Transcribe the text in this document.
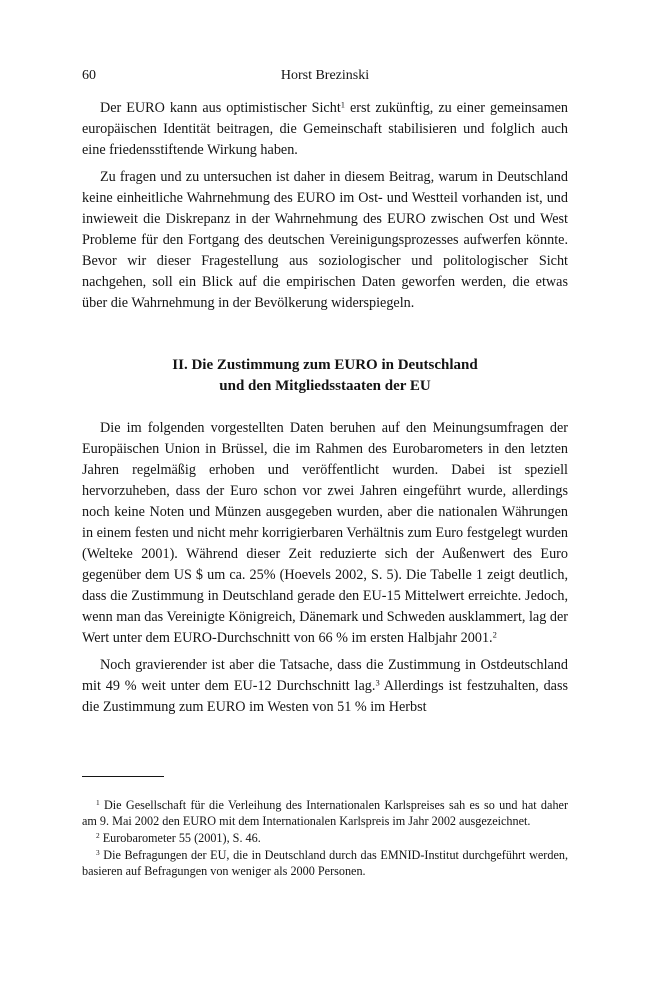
60	Horst Brezinski

Der EURO kann aus optimistischer Sicht$^1$ erst zukünftig, zu einer gemeinsamen europäischen Identität beitragen, die Gemeinschaft stabilisieren und folglich auch eine friedensstiftende Wirkung haben.

Zu fragen und zu untersuchen ist daher in diesem Beitrag, warum in Deutschland keine einheitliche Wahrnehmung des EURO im Ost- und Westteil vorhanden ist, und inwieweit die Diskrepanz in der Wahrnehmung des EURO zwischen Ost und West Probleme für den Fortgang des deutschen Vereinigungsprozesses aufwerfen könnte. Bevor wir dieser Fragestellung aus soziologischer und politologischer Sicht nachgehen, soll ein Blick auf die empirischen Daten geworfen werden, die etwas über die Wahrnehmung in der Bevölkerung widerspiegeln.

II. Die Zustimmung zum EURO in Deutschland
und den Mitgliedsstaaten der EU

Die im folgenden vorgestellten Daten beruhen auf den Meinungsumfragen der Europäischen Union in Brüssel, die im Rahmen des Eurobarometers in den letzten Jahren regelmäßig erhoben und veröffentlicht wurden. Dabei ist speziell hervorzuheben, dass der Euro schon vor zwei Jahren eingeführt wurde, allerdings noch keine Noten und Münzen ausgegeben wurden, aber die nationalen Währungen in einem festen und nicht mehr korrigierbaren Verhältnis zum Euro festgelegt wurden (Welteke 2001). Während dieser Zeit reduzierte sich der Außenwert des Euro gegenüber dem US $ um ca. 25% (Hoevels 2002, S. 5). Die Tabelle 1 zeigt deutlich, dass die Zustimmung in Deutschland gerade den EU-15 Mittelwert erreichte. Jedoch, wenn man das Vereinigte Königreich, Dänemark und Schweden ausklammert, lag der Wert unter dem EURO-Durchschnitt von 66 % im ersten Halbjahr 2001.$^2$

Noch gravierender ist aber die Tatsache, dass die Zustimmung in Ostdeutschland mit 49 % weit unter dem EU-12 Durchschnitt lag.$^3$ Allerdings ist festzuhalten, dass die Zustimmung zum EURO im Westen von 51 % im Herbst

$^1$ Die Gesellschaft für die Verleihung des Internationalen Karlspreises sah es so und hat daher am 9. Mai 2002 den EURO mit dem Internationalen Karlspreis im Jahr 2002 ausgezeichnet.

$^2$ Eurobarometer 55 (2001), S. 46.

$^3$ Die Befragungen der EU, die in Deutschland durch das EMNID-Institut durchgeführt werden, basieren auf Befragungen von weniger als 2000 Personen.
